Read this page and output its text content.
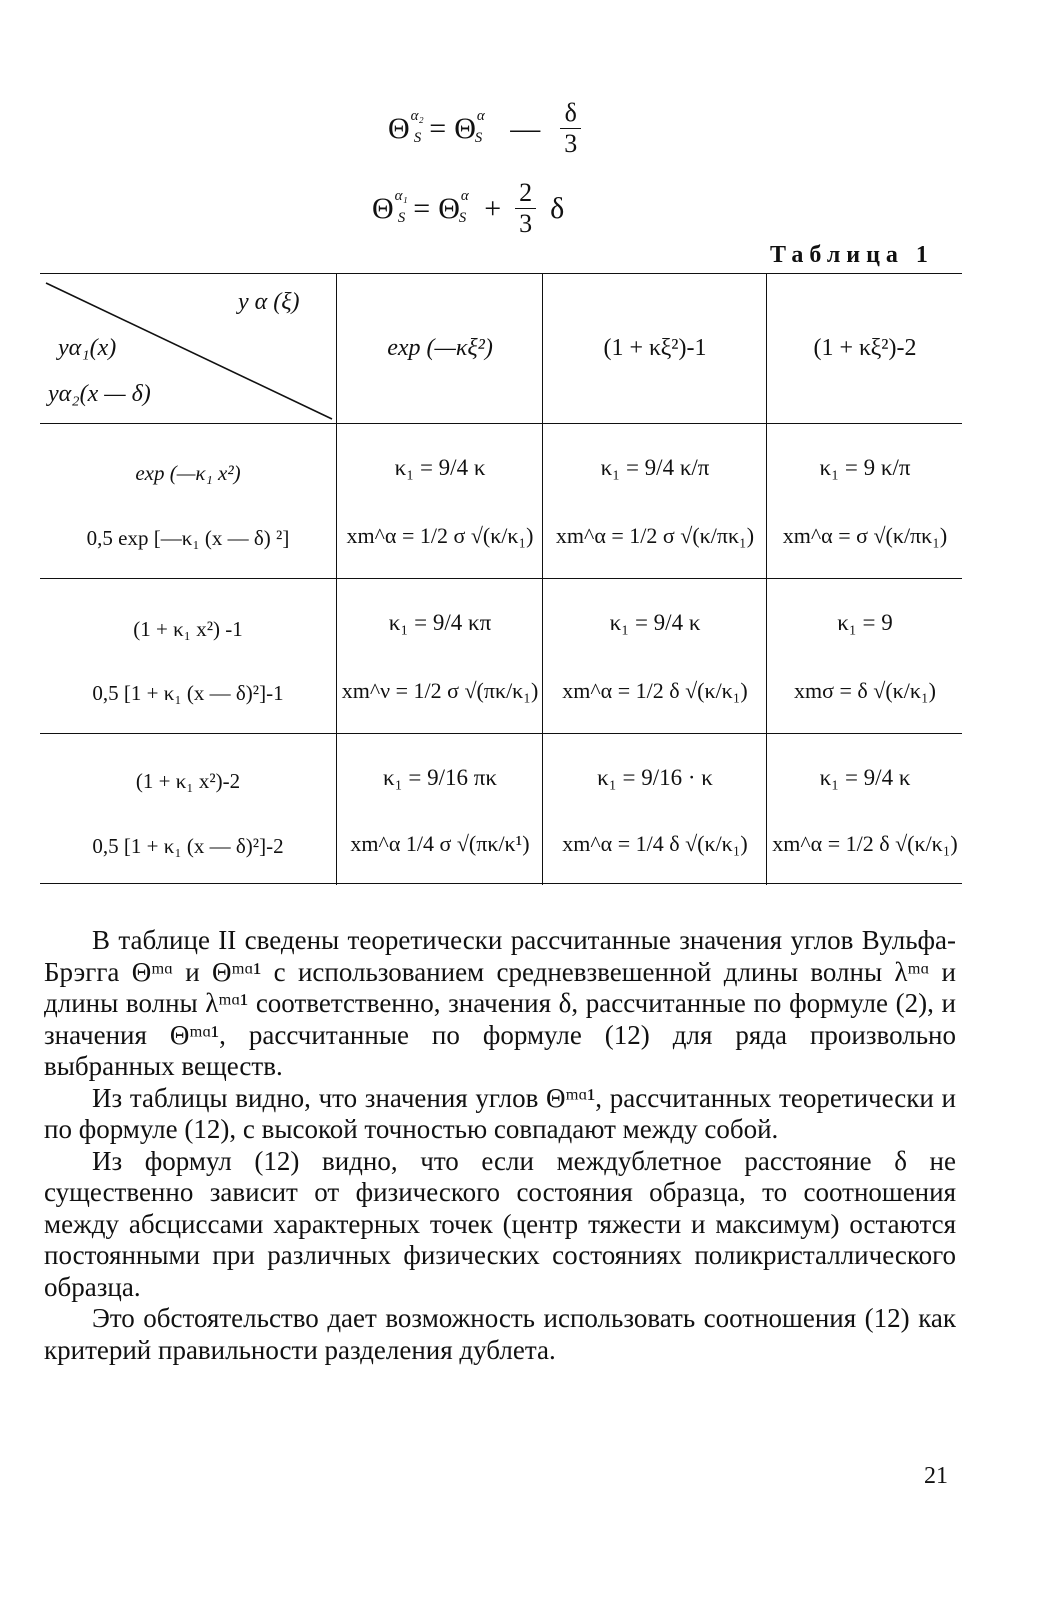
Θ α₂
S = Θ α
S — $\frac{\delta}{3}$
Θ α₁
S = Θ α
$S + \frac{2}{3}$ δ
Таблица 1
y α (ξ)
yα₁(x)
yα₂(x — δ)
exp (—κξ²)	(1 + κξ²)-1	(1 + κξ²)-2
exp (—κ₁ x²)
0,5 exp [—κ₁ (x — δ) ²]
κ₁ = 9/4 κ
xm^α = 1/2 σ √(κ/κ₁)
κ₁ = 9/4 κ/π
xm^α = 1/2 σ √(κ/πκ₁)
κ₁ = 9 κ/π
xm^α = σ √(κ/πκ₁)
(1 + κ₁ x²) -1
0,5 [1 + κ₁ (x — δ)²]-1
κ₁ = 9/4 κπ
xm^ν = 1/2 σ √(πκ/κ₁)
κ₁ = 9/4 κ
xm^α = 1/2 δ √(κ/κ₁)
κ₁ = 9
xmσ = δ √(κ/κ₁)
(1 + κ₁ x²)-2
0,5 [1 + κ₁ (x — δ)²]-2
κ₁ = 9/16 πκ
xm^α 1/4 σ √(πκ/κ¹)
κ₁ = 9/16 · κ
xm^α = 1/4 δ √(κ/κ₁)
κ₁ = 9/4 κ
xm^α = 1/2 δ √(κ/κ₁)

В таблице II сведены теоретически рассчитанные значения углов Вульфа-Брэгга Θᵐᵅ и Θᵐᵅ¹ с использованием средневзвешенной длины волны λᵐᵅ и длины волны λᵐᵅ¹ соответственно, значения δ, рассчитанные по формуле (2), и значения Θᵐᵅ¹, рассчитанные по формуле (12) для ряда произвольно выбранных веществ.

Из таблицы видно, что значения углов Θᵐᵅ¹, рассчитанных теоретически и по формуле (12), с высокой точностью совпадают между собой.

Из формул (12) видно, что если междублетное расстояние δ не существенно зависит от физического состояния образца, то соотношения между абсциссами характерных точек (центр тяжести и максимум) остаются постоянными при различных физических состояниях поликристаллического образца.

Это обстоятельство дает возможность использовать соотношения (12) как критерий правильности разделения дублета.

21
